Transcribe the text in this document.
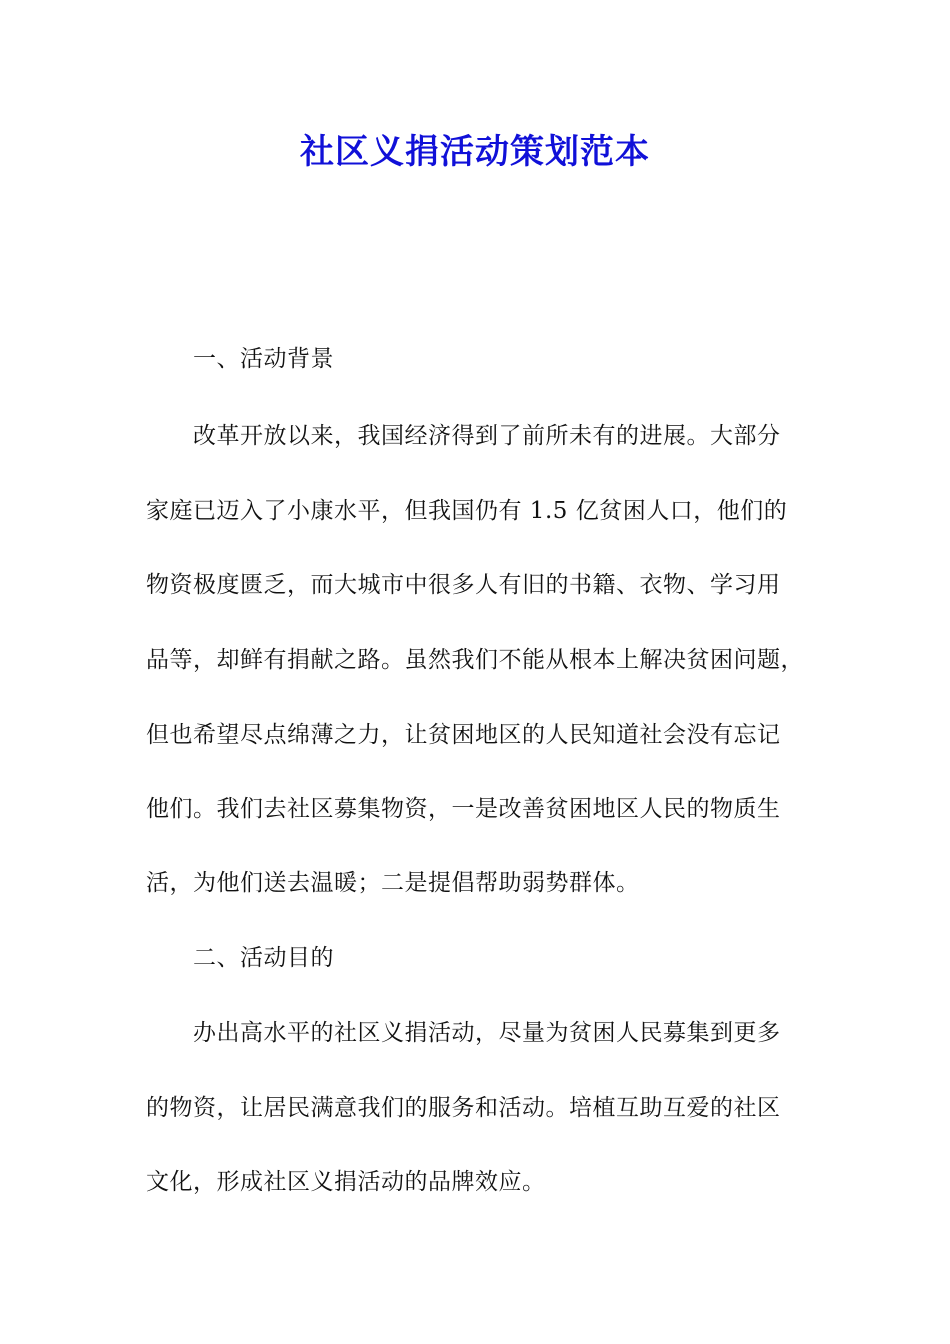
社区义捐活动策划范本
一、活动背景
改革开放以来，我国经济得到了前所未有的进展。大部分
家庭已迈入了小康水平，但我国仍有 1.5 亿贫困人口，他们的
物资极度匮乏，而大城市中很多人有旧的书籍、衣物、学习用
品等，却鲜有捐献之路。虽然我们不能从根本上解决贫困问题，
但也希望尽点绵薄之力，让贫困地区的人民知道社会没有忘记
他们。我们去社区募集物资，一是改善贫困地区人民的物质生
活，为他们送去温暖；二是提倡帮助弱势群体。
二、活动目的
办出高水平的社区义捐活动，尽量为贫困人民募集到更多
的物资，让居民满意我们的服务和活动。培植互助互爱的社区
文化，形成社区义捐活动的品牌效应。
